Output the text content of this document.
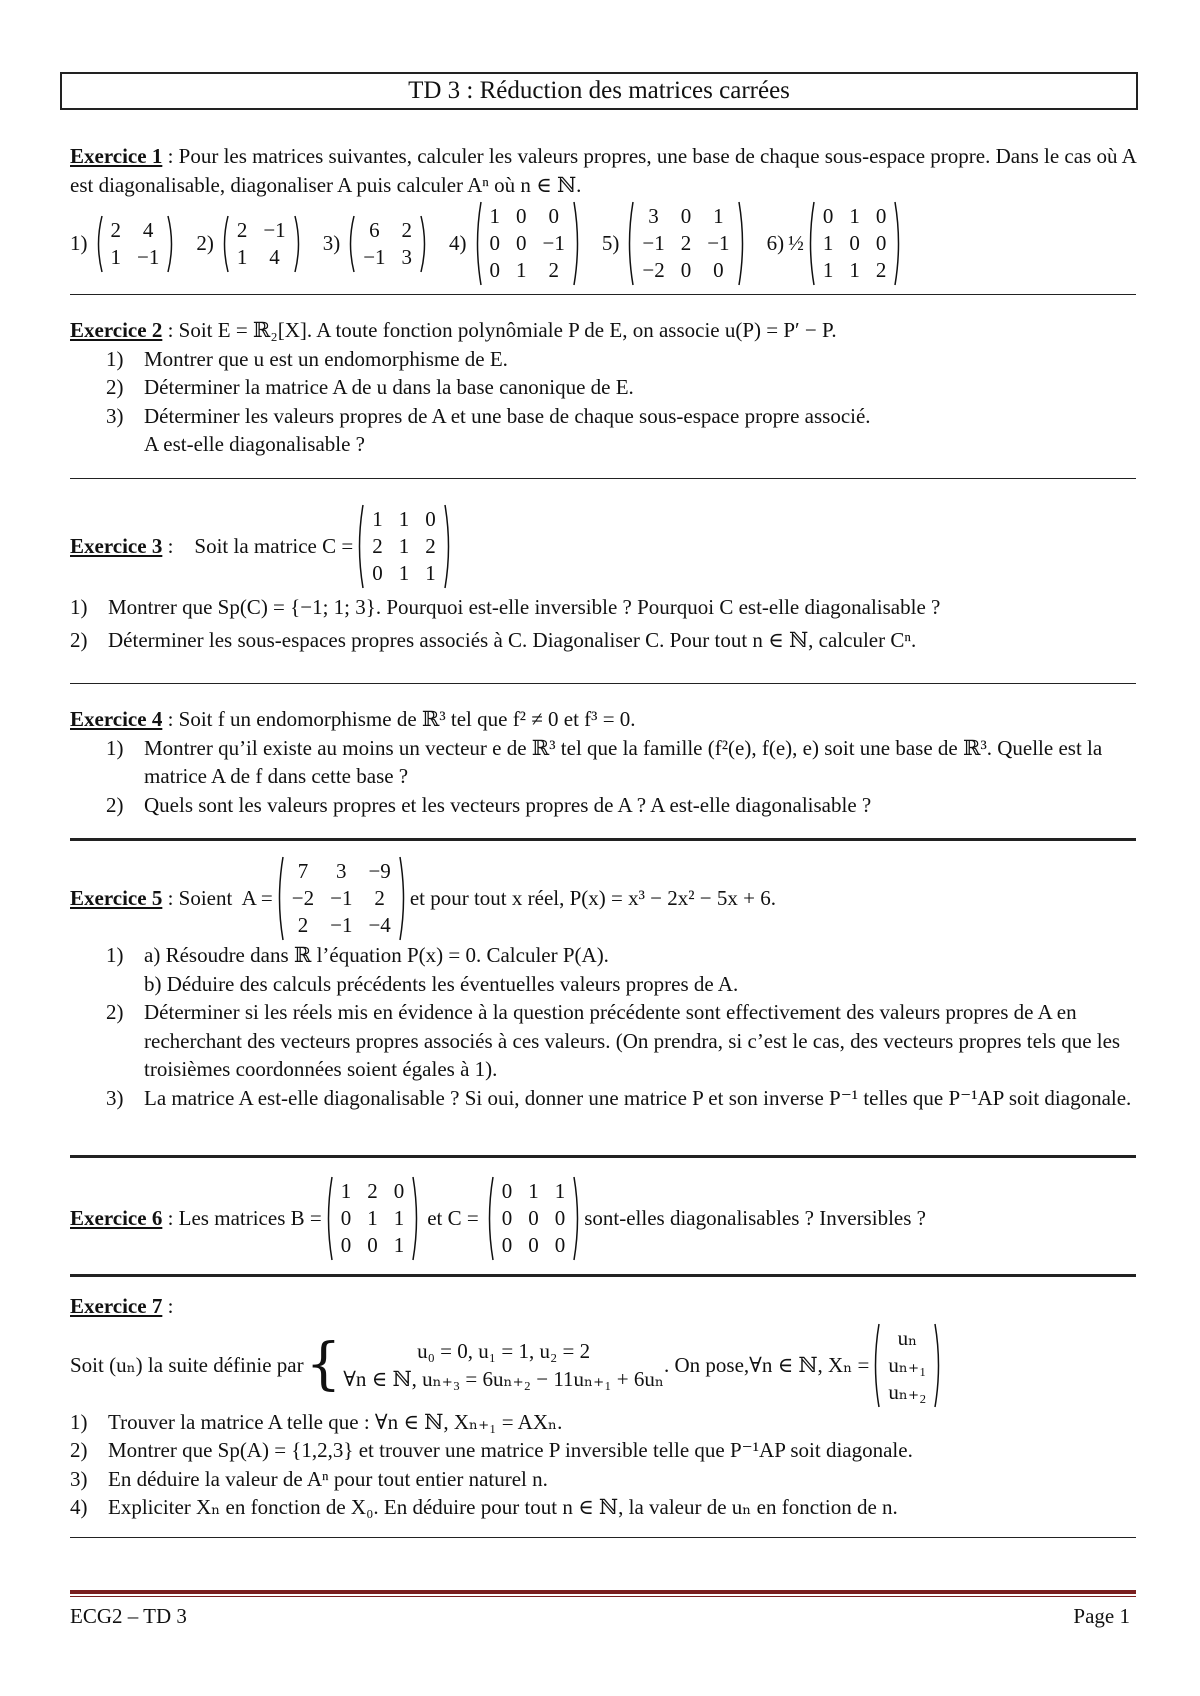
TD 3 : Réduction des matrices carrées

Exercice 1 : Pour les matrices suivantes, calculer les valeurs propres, une base de chaque sous-espace propre. Dans le cas où A est diagonalisable, diagonaliser A puis calculer Aⁿ où n ∈ ℕ.

1)
2	4
1	−1
2)
2	−1
1	4
3)
6	2
−1	3
4)
1	0	0
0	0	−1
0	1	2
5)
3	0	1
−1	2	−1
−2	0	0
6) ½
0	1	0
1	0	0
1	1	2

Exercice 2 : Soit E = ℝ₂[X]. A toute fonction polynômiale P de E, on associe u(P) = P′ − P.

1) Montrer que u est un endomorphisme de E.
2) Déterminer la matrice A de u dans la base canonique de E.
3) Déterminer les valeurs propres de A et une base de chaque sous-espace propre associé.
A est-elle diagonalisable ?
Exercice 3 :    Soit la matrice C =
1	1	0
2	1	2
0	1	1
1) Montrer que Sp(C) = {−1; 1; 3}. Pourquoi est-elle inversible ? Pourquoi C est-elle diagonalisable ?
2) Déterminer les sous-espaces propres associés à C. Diagonaliser C. Pour tout n ∈ ℕ, calculer Cⁿ.

Exercice 4 : Soit f un endomorphisme de ℝ³ tel que f² ≠ 0 et f³ = 0.

1) Montrer qu’il existe au moins un vecteur e de ℝ³ tel que la famille (f²(e), f(e), e) soit une base de ℝ³. Quelle est la matrice A de f dans cette base ?
2) Quels sont les valeurs propres et les vecteurs propres de A ? A est-elle diagonalisable ?
Exercice 5 : Soient  A =
7	3	−9
−2	−1	2
2	−1	−4
et pour tout x réel, P(x) = x³ − 2x² − 5x + 6.
1) a) Résoudre dans ℝ l’équation P(x) = 0. Calculer P(A).
b) Déduire des calculs précédents les éventuelles valeurs propres de A.
2) Déterminer si les réels mis en évidence à la question précédente sont effectivement des valeurs propres de A en recherchant des vecteurs propres associés à ces valeurs. (On prendra, si c’est le cas, des vecteurs propres tels que les troisièmes coordonnées soient égales à 1).
3) La matrice A est-elle diagonalisable ? Si oui, donner une matrice P et son inverse P⁻¹ telles que P⁻¹AP soit diagonale.
Exercice 6 : Les matrices B =
1	2	0
0	1	1
0	0	1
et C =
0	1	1
0	0	0
0	0	0
sont-elles diagonalisables ? Inversibles ?

Exercice 7 :

Soit (uₙ) la suite définie par {	u₀ = 0, u₁ = 1, u₂ = 2
∀n ∈ ℕ, uₙ₊₃ = 6uₙ₊₂ − 11uₙ₊₁ + 6uₙ
. On pose,∀n ∈ ℕ, Xₙ =
uₙ
uₙ₊₁
uₙ₊₂
1) Trouver la matrice A telle que : ∀n ∈ ℕ, Xₙ₊₁ = AXₙ.
2) Montrer que Sp(A) = {1,2,3} et trouver une matrice P inversible telle que P⁻¹AP soit diagonale.
3) En déduire la valeur de Aⁿ pour tout entier naturel n.
4) Expliciter Xₙ en fonction de X₀. En déduire pour tout n ∈ ℕ, la valeur de uₙ en fonction de n.
ECG2 – TD 3	Page 1
